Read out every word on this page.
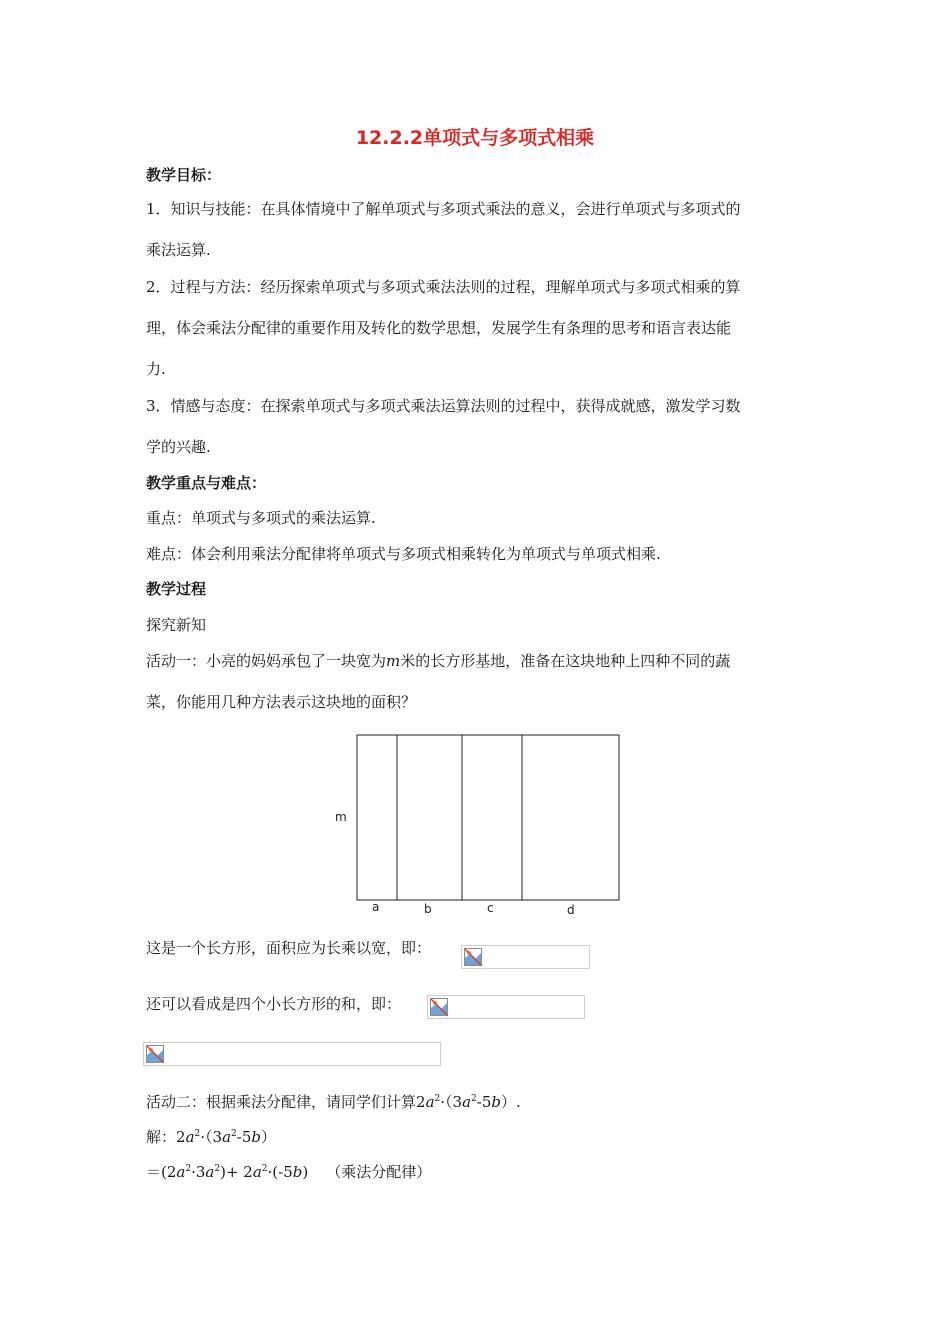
12.2.2单项式与多项式相乘
教学目标：
1．知识与技能：在具体情境中了解单项式与多项式乘法的意义，会进行单项式与多项式的
乘法运算.
2．过程与方法：经历探索单项式与多项式乘法法则的过程，理解单项式与多项式相乘的算
理，体会乘法分配律的重要作用及转化的数学思想，发展学生有条理的思考和语言表达能
力.
3．情感与态度：在探索单项式与多项式乘法运算法则的过程中，获得成就感，激发学习数
学的兴趣.
教学重点与难点：
重点：单项式与多项式的乘法运算.
难点：体会利用乘法分配律将单项式与多项式相乘转化为单项式与单项式相乘.
教学过程
探究新知
活动一：小亮的妈妈承包了一块宽为m米的长方形基地，准备在这块地种上四种不同的蔬
菜，你能用几种方法表示这块地的面积？
m
a	b	c	d
这是一个长方形，面积应为长乘以宽，即：
还可以看成是四个小长方形的和，即：
活动二：根据乘法分配律，请同学们计算$2a^2\cdot(3a^2-5b)$.
解：$2a^2\cdot(3a^2-5b)$
$=(2a^2\cdot 3a^2)+ 2a^2\cdot(-5b)$ （乘法分配律）
